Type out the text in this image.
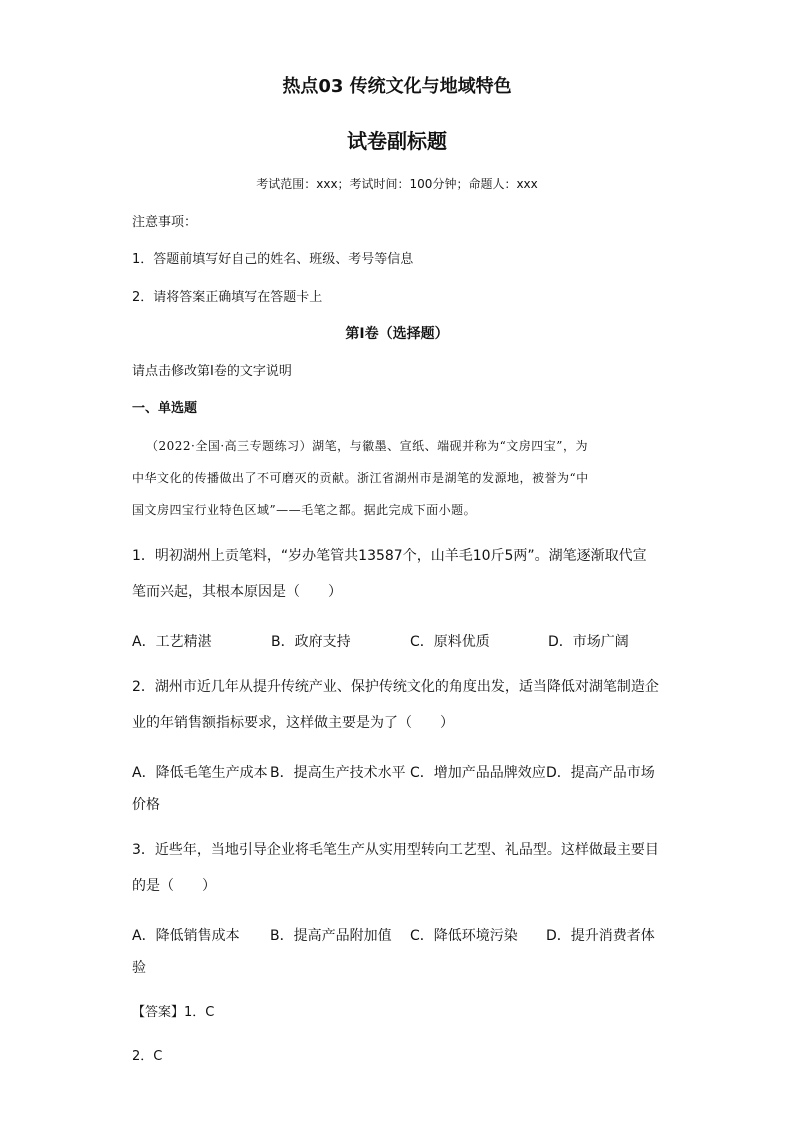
热点03 传统文化与地域特色
试卷副标题
考试范围：xxx；考试时间：100分钟；命题人：xxx
注意事项：
1．答题前填写好自己的姓名、班级、考号等信息
2．请将答案正确填写在答题卡上
第I卷（选择题）
请点击修改第I卷的文字说明
一、单选题
（2022·全国·高三专题练习）湖笔，与徽墨、宣纸、端砚并称为“文房四宝”，为
中华文化的传播做出了不可磨灭的贡献。浙江省湖州市是湖笔的发源地，被誉为“中
国文房四宝行业特色区域”——毛笔之都。据此完成下面小题。
1．明初湖州上贡笔料，“岁办笔管共13587个，山羊毛10斤5两”。湖笔逐渐取代宣
笔而兴起，其根本原因是（　　）
A．工艺精湛	B．政府支持	C．原料优质	D．市场广阔
2．湖州市近几年从提升传统产业、保护传统文化的角度出发，适当降低对湖笔制造企
业的年销售额指标要求，这样做主要是为了（　　）
A．降低毛笔生产成本 B．提高生产技术水平 C．增加产品品牌效应 D．提高产品市场
价格
3．近些年，当地引导企业将毛笔生产从实用型转向工艺型、礼品型。这样做最主要目
的是（　　）
A．降低销售成本 B．提高产品附加值 C．降低环境污染 D．提升消费者体
验
【答案】1．C
2．C
